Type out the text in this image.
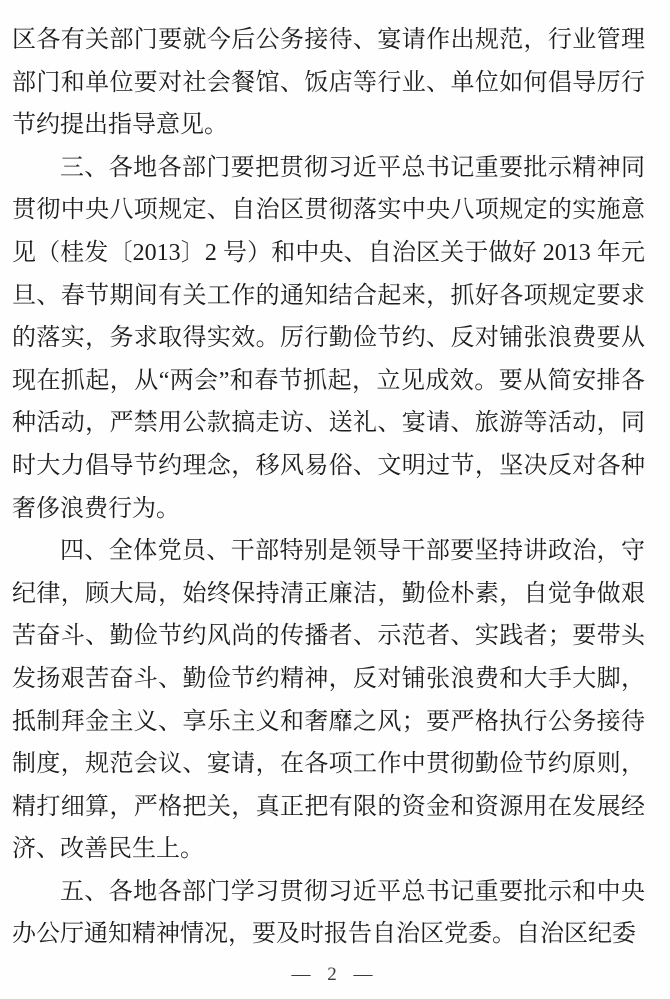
区各有关部门要就今后公务接待、宴请作出规范，行业管理部门和单位要对社会餐馆、饭店等行业、单位如何倡导厉行节约提出指导意见。

三、各地各部门要把贯彻习近平总书记重要批示精神同贯彻中央八项规定、自治区贯彻落实中央八项规定的实施意见（桂发〔2013〕2 号）和中央、自治区关于做好 2013 年元旦、春节期间有关工作的通知结合起来，抓好各项规定要求的落实，务求取得实效。厉行勤俭节约、反对铺张浪费要从现在抓起，从“两会”和春节抓起，立见成效。要从简安排各种活动，严禁用公款搞走访、送礼、宴请、旅游等活动，同时大力倡导节约理念，移风易俗、文明过节，坚决反对各种奢侈浪费行为。

四、全体党员、干部特别是领导干部要坚持讲政治，守纪律，顾大局，始终保持清正廉洁，勤俭朴素，自觉争做艰苦奋斗、勤俭节约风尚的传播者、示范者、实践者；要带头发扬艰苦奋斗、勤俭节约精神，反对铺张浪费和大手大脚，抵制拜金主义、享乐主义和奢靡之风；要严格执行公务接待制度，规范会议、宴请，在各项工作中贯彻勤俭节约原则，精打细算，严格把关，真正把有限的资金和资源用在发展经济、改善民生上。

五、各地各部门学习贯彻习近平总书记重要批示和中央办公厅通知精神情况，要及时报告自治区党委。自治区纪委

— 2 —
